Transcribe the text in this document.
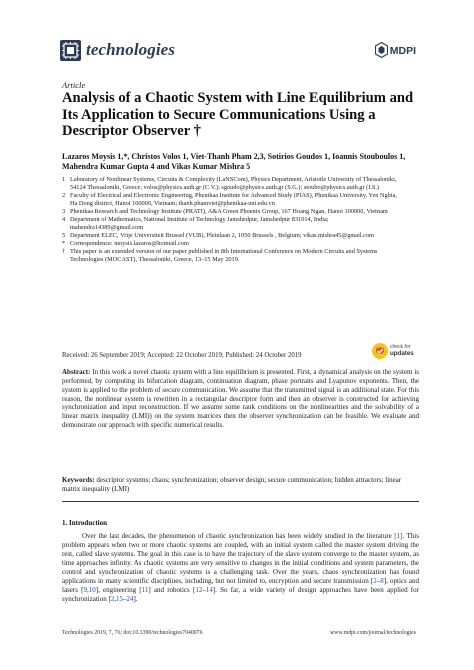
technologies	MDPI
Article
Analysis of a Chaotic System with Line Equilibrium and Its Application to Secure Communications Using a Descriptor Observer †
Lazaros Moysis 1,*, Christos Volos 1, Viet-Thanh Pham 2,3, Sotirios Goudos 1, Ioannis Stouboulos 1, Mahendra Kumar Gupta 4 and Vikas Kumar Mishra 5
1 Laboratory of Nonlinear Systems, Circuits & Complexity (LaNSCom), Physics Department, Aristotle University of Thessaloniki, 54124 Thessaloniki, Greece; volos@physics.auth.gr (C.V.); sgoudo@physics.auth.gr (S.G.); stoubo@physics.auth.gr (I.S.)
2 Faculty of Electrical and Electronic Engineering, Phenikaa Institute for Advanced Study (PIAS), Phenikaa University, Yen Nghia, Ha Dong district, Hanoi 100000, Vietnam; thanh.phamviet@phenikaa-uni.edu.vn
3 Phenikaa Research and Technology Institute (PRATI), A&A Green Phoenix Group, 167 Hoang Ngan, Hanoi 100000, Vietnam
4 Department of Mathematics, National Institute of Technology Jamshedpur, Jamshedpur 831014, India; mahendra14389@gmail.com
5 Department ELEC, Vrije Universiteit Brussel (VUB), Pleinlaan 2, 1050 Brussels , Belgium; vikas.mishra45@gmail.com
* Correspondence: moysis.lazaros@hotmail.com
† This paper is an extended version of our paper published in 8th International Conference on Modern Circuits and Systems Technologies (MOCAST), Thessaloniki, Greece, 13–15 May 2019.
Received: 26 September 2019; Accepted: 22 October 2019; Published: 24 October 2019
check for
updates
Abstract: In this work a novel chaotic system with a line equilibrium is presented. First, a dynamical analysis on the system is performed, by computing its bifurcation diagram, continuation diagram, phase portraits and Lyapunov exponents. Then, the system is applied to the problem of secure communication. We assume that the transmitted signal is an additional state. For this reason, the nonlinear system is rewritten in a rectangular descriptor form and then an observer is constructed for achieving synchronization and input reconstruction. If we assume some rank conditions on the nonlinearities and the solvability of a linear matrix inequality (LMI)) on the system matrices then the observer synchronization can be feasible. We evaluate and demonstrate our approach with specific numerical results.
Keywords: descriptor systems; chaos; synchronization; observer design; secure communication; hidden attractors; linear matrix inequality (LMI)
1. Introduction
Over the last decades, the phenomenon of chaotic synchronization has been widely studied in the literature [1]. This problem appears when two or more chaotic systems are coupled, with an initial system called the master system driving the rest, called slave systems. The goal in this case is to have the trajectory of the slave system converge to the master system, as time approaches infinity. As chaotic systems are very sensitive to changes in the initial conditions and system parameters, the control and synchronization of chaotic systems is a challenging task. Over the years, chaos synchronization has found applications in many scientific disciplines, including, but not limited to, encryption and secure transmission [2–8], optics and lasers [9,10], engineering [11] and robotics [12–14]. So far, a wide variety of design approaches have been applied for synchronization [2,15–24].
Technologies 2019, 7, 76; doi:10.3390/technologies7040076	www.mdpi.com/journal/technologies
